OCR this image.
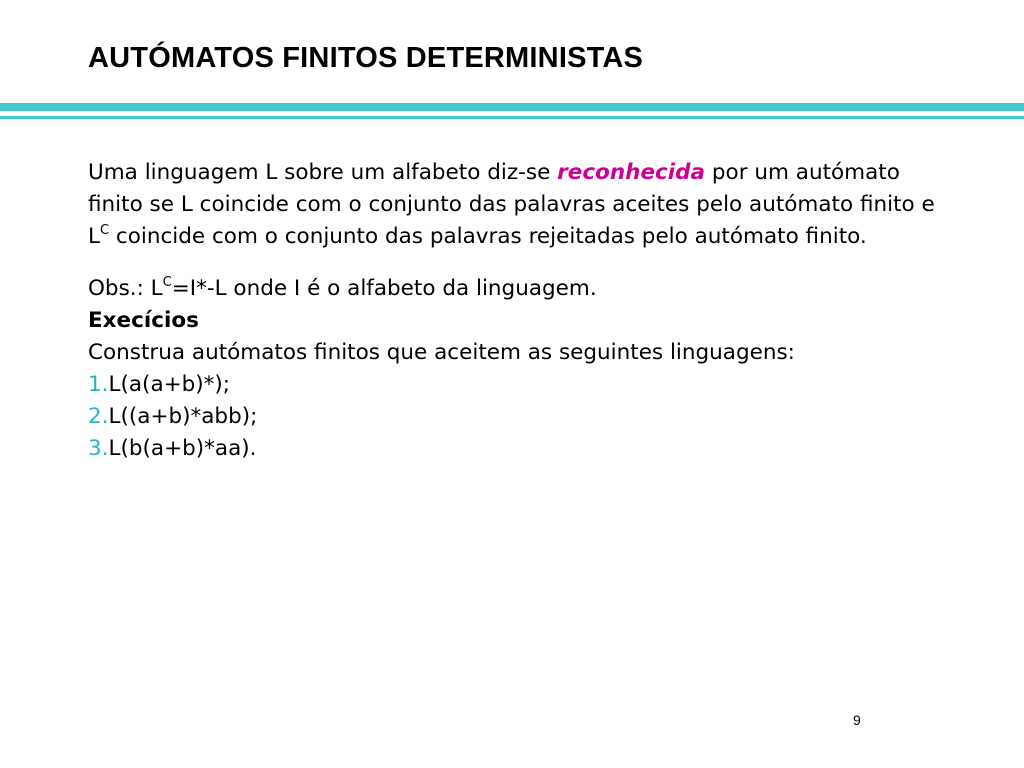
AUTÓMATOS FINITOS DETERMINISTAS

Uma linguagem L sobre um alfabeto diz-se reconhecida por um autómato finito se L coincide com o conjunto das palavras aceites pelo autómato finito e $L^C$ coincide com o conjunto das palavras rejeitadas pelo autómato finito.

Obs.: $L^C=I*-L$ onde I é o alfabeto da linguagem.

Execícios

Construa autómatos finitos que aceitem as seguintes linguagens:

1.L(a(a+b)*);

2.L((a+b)*abb);

3.L(b(a+b)*aa).

9
